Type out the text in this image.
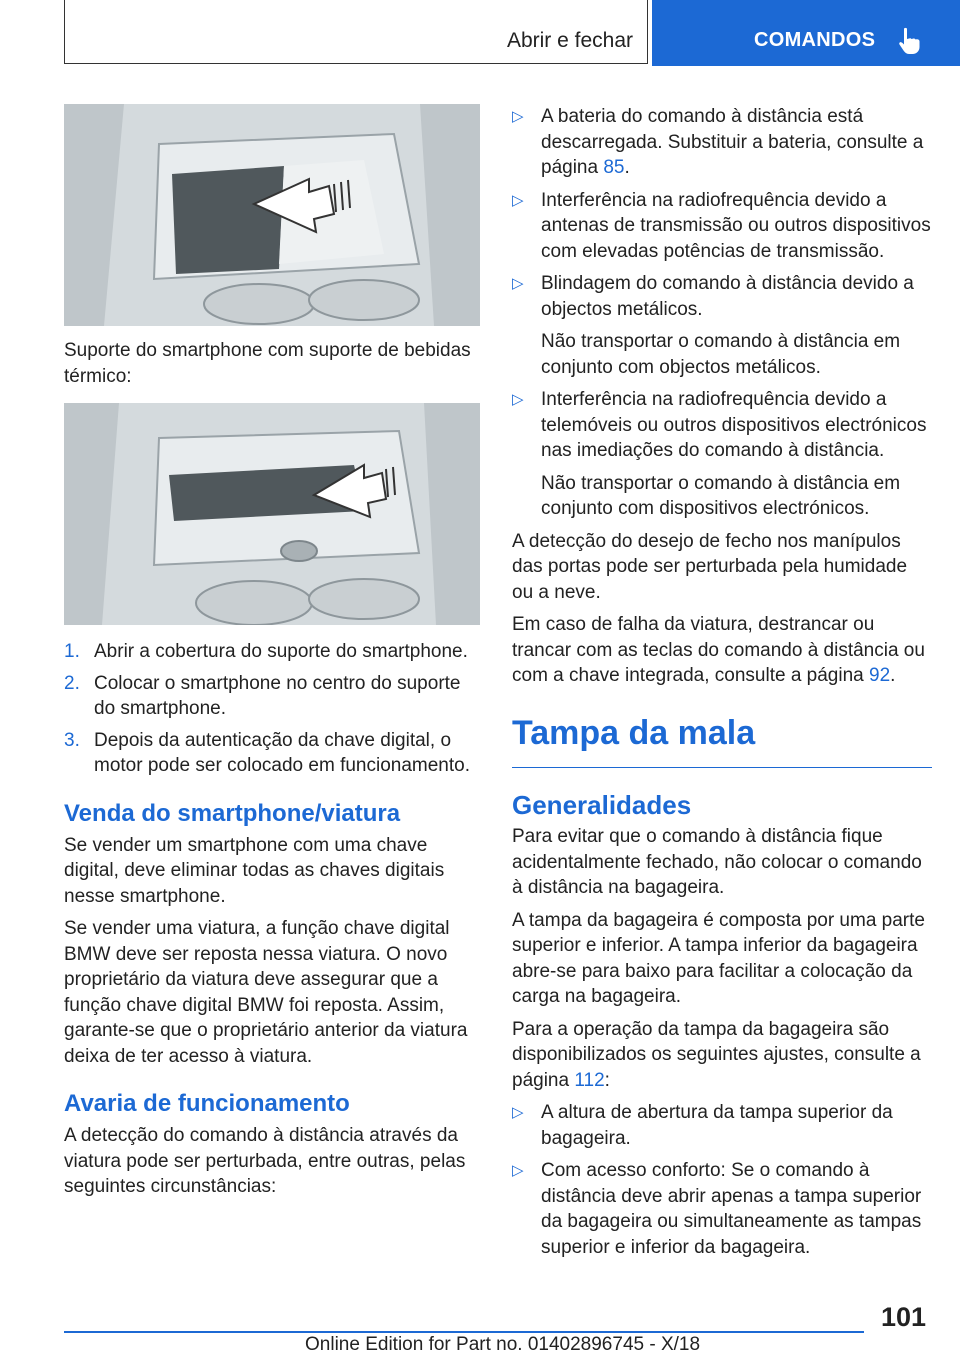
Abrir e fechar	COMANDOS

Suporte do smartphone com suporte de bebidas térmico:

1. Abrir a cobertura do suporte do smartphone.
2. Colocar o smartphone no centro do suporte do smartphone.
3. Depois da autenticação da chave digital, o motor pode ser colocado em funcionamento.
Venda do smartphone/viatura

Se vender um smartphone com uma chave digital, deve eliminar todas as chaves digitais nesse smartphone.

Se vender uma viatura, a função chave digital BMW deve ser reposta nessa viatura. O novo proprietário da viatura deve assegurar que a função chave digital BMW foi reposta. Assim, garante-se que o proprietário anterior da viatura deixa de ter acesso à viatura.

Avaria de funcionamento

A detecção do comando à distância através da viatura pode ser perturbada, entre outras, pelas seguintes circunstâncias:

▷ A bateria do comando à distância está descarregada. Substituir a bateria, consulte a página 85.
▷ Interferência na radiofrequência devido a antenas de transmissão ou outros dispositivos com elevadas potências de transmissão.
▷ Blindagem do comando à distância devido a objectos metálicos.

Não transportar o comando à distância em conjunto com objectos metálicos.

▷ Interferência na radiofrequência devido a telemóveis ou outros dispositivos electrónicos nas imediações do comando à distância.

Não transportar o comando à distância em conjunto com dispositivos electrónicos.

A detecção do desejo de fecho nos manípulos das portas pode ser perturbada pela humidade ou a neve.

Em caso de falha da viatura, destrancar ou trancar com as teclas do comando à distância ou com a chave integrada, consulte a página 92.

Tampa da mala
Generalidades

Para evitar que o comando à distância fique acidentalmente fechado, não colocar o comando à distância na bagageira.

A tampa da bagageira é composta por uma parte superior e inferior. A tampa inferior da bagageira abre-se para baixo para facilitar a colocação da carga na bagageira.

Para a operação da tampa da bagageira são disponibilizados os seguintes ajustes, consulte a página 112:

▷ A altura de abertura da tampa superior da bagageira.
▷ Com acesso conforto: Se o comando à distância deve abrir apenas a tampa superior da bagageira ou simultaneamente as tampas superior e inferior da bagageira.
101
Online Edition for Part no. 01402896745 - X/18
